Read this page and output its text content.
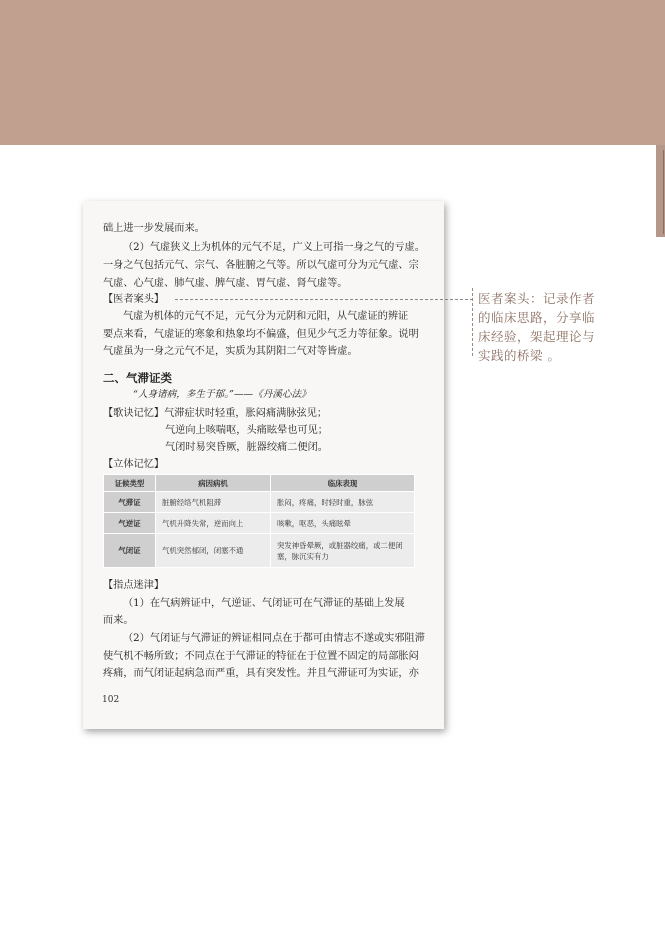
础上进一步发展而来。
（2）气虚狭义上为机体的元气不足，广义上可指一身之气的亏虚。
一身之气包括元气、宗气、各脏腑之气等。所以气虚可分为元气虚、宗
气虚、心气虚、肺气虚、脾气虚、胃气虚、肾气虚等。
【医者案头】
气虚为机体的元气不足，元气分为元阴和元阳，从气虚证的辨证
要点来看，气虚证的寒象和热象均不偏盛，但见少气乏力等征象。说明
气虚虽为一身之元气不足，实质为其阴阳二气对等皆虚。
二、气滞证类
“人身诸病，多生于郁。”——《丹溪心法》
【歌诀记忆】气滞症状时轻重，胀闷痛满脉弦见；
气逆向上咳喘呕，头痛眩晕也可见；
气闭时易突昏厥，脏器绞痛二便闭。
【立体记忆】
证候类型	病因病机	临床表现
气滞证	脏腑经络气机阻滞	胀闷，疼痛，时轻时重，脉弦
气逆证	气机升降失常，逆而向上	咳嗽，呕恶，头痛眩晕
气闭证	气机突然郁闭，闭塞不通	突发神昏晕厥，或脏器绞痛，或二便闭塞，脉沉实有力
【指点迷津】
（1）在气病辨证中，气逆证、气闭证可在气滞证的基础上发展
而来。
（2）气闭证与气滞证的辨证相同点在于都可由情志不遂或实邪阻滞
使气机不畅所致；不同点在于气滞证的特征在于位置不固定的局部胀闷
疼痛，而气闭证起病急而严重，具有突发性。并且气滞证可为实证，亦
102
医者案头：记录作者
的临床思路，分享临
床经验，架起理论与
实践的桥梁 。
